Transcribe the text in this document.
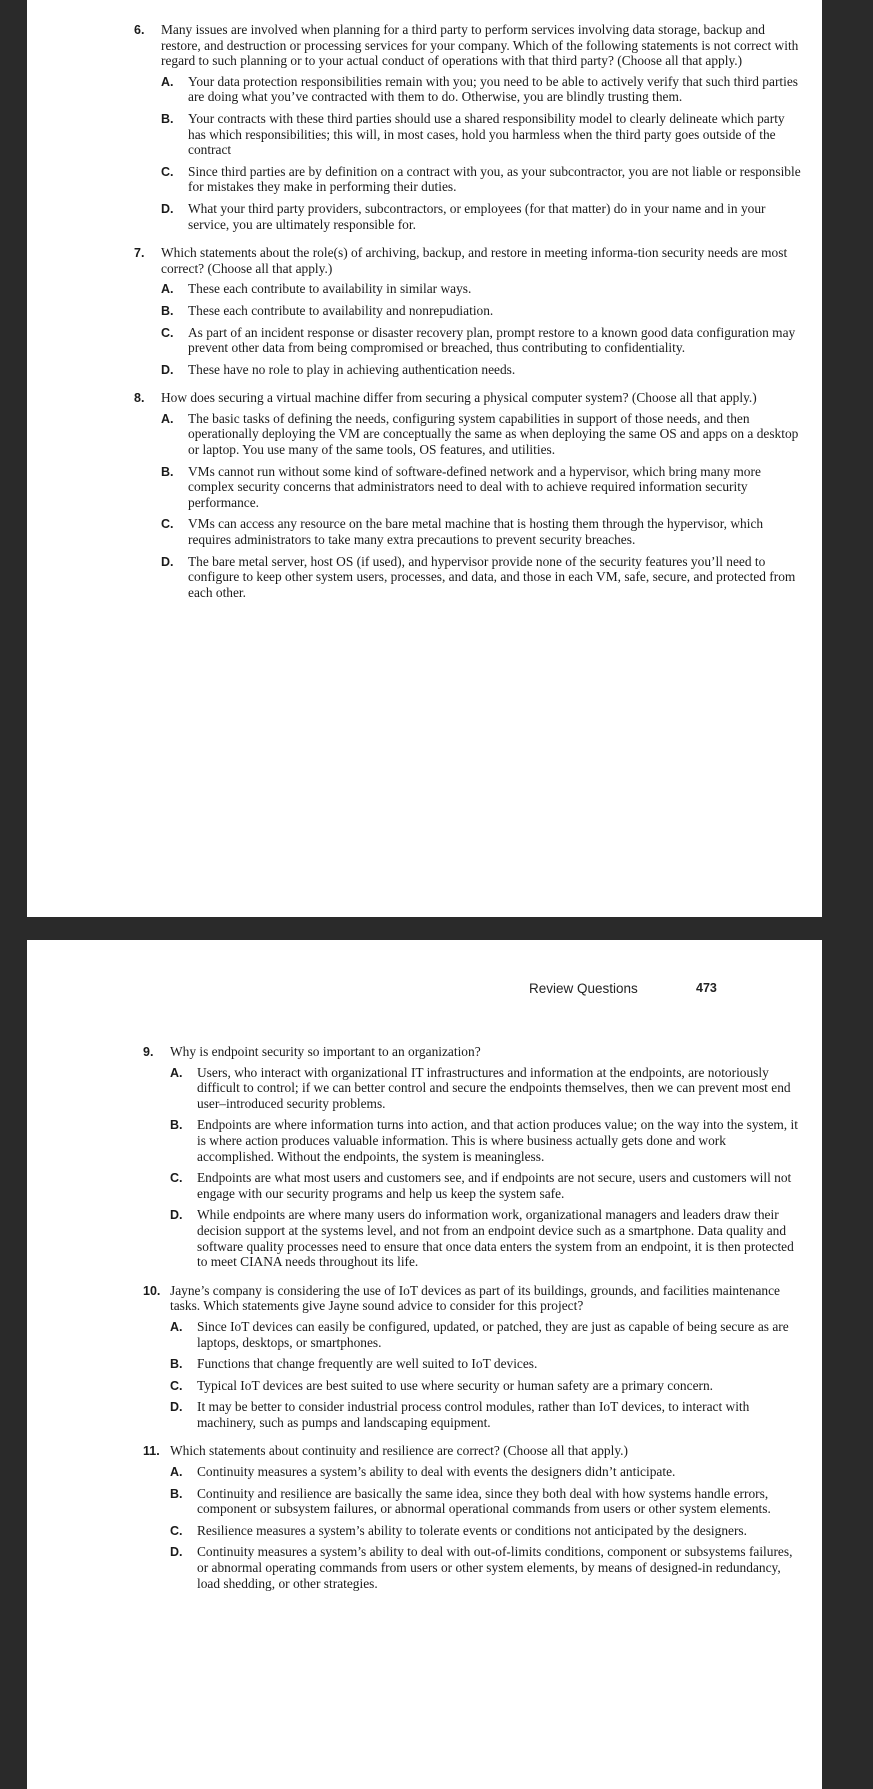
6. Many issues are involved when planning for a third party to perform services involving data storage, backup and restore, and destruction or processing services for your company. Which of the following statements is not correct with regard to such planning or to your actual conduct of operations with that third party? (Choose all that apply.)
A. Your data protection responsibilities remain with you; you need to be able to actively verify that such third parties are doing what you’ve contracted with them to do. Otherwise, you are blindly trusting them.
B. Your contracts with these third parties should use a shared responsibility model to clearly delineate which party has which responsibilities; this will, in most cases, hold you harmless when the third party goes outside of the contract
C. Since third parties are by definition on a contract with you, as your subcontractor, you are not liable or responsible for mistakes they make in performing their duties.
D. What your third party providers, subcontractors, or employees (for that matter) do in your name and in your service, you are ultimately responsible for.
7. Which statements about the role(s) of archiving, backup, and restore in meeting informa-tion security needs are most correct? (Choose all that apply.)
A. These each contribute to availability in similar ways.
B. These each contribute to availability and nonrepudiation.
C. As part of an incident response or disaster recovery plan, prompt restore to a known good data configuration may prevent other data from being compromised or breached, thus contributing to confidentiality.
D. These have no role to play in achieving authentication needs.
8. How does securing a virtual machine differ from securing a physical computer system? (Choose all that apply.)
A. The basic tasks of defining the needs, configuring system capabilities in support of those needs, and then operationally deploying the VM are conceptually the same as when deploying the same OS and apps on a desktop or laptop. You use many of the same tools, OS features, and utilities.
B. VMs cannot run without some kind of software-defined network and a hypervisor, which bring many more complex security concerns that administrators need to deal with to achieve required information security performance.
C. VMs can access any resource on the bare metal machine that is hosting them through the hypervisor, which requires administrators to take many extra precautions to prevent security breaches.
D. The bare metal server, host OS (if used), and hypervisor provide none of the security features you’ll need to configure to keep other system users, processes, and data, and those in each VM, safe, secure, and protected from each other.
9. Why is endpoint security so important to an organization?
A. Users, who interact with organizational IT infrastructures and information at the endpoints, are notoriously difficult to control; if we can better control and secure the endpoints themselves, then we can prevent most end user–introduced security problems.
B. Endpoints are where information turns into action, and that action produces value; on the way into the system, it is where action produces valuable information. This is where business actually gets done and work accomplished. Without the endpoints, the system is meaningless.
C. Endpoints are what most users and customers see, and if endpoints are not secure, users and customers will not engage with our security programs and help us keep the system safe.
D. While endpoints are where many users do information work, organizational managers and leaders draw their decision support at the systems level, and not from an endpoint device such as a smartphone. Data quality and software quality processes need to ensure that once data enters the system from an endpoint, it is then protected to meet CIANA needs throughout its life.
10. Jayne’s company is considering the use of IoT devices as part of its buildings, grounds, and facilities maintenance tasks. Which statements give Jayne sound advice to consider for this project?
A. Since IoT devices can easily be configured, updated, or patched, they are just as capable of being secure as are laptops, desktops, or smartphones.
B. Functions that change frequently are well suited to IoT devices.
C. Typical IoT devices are best suited to use where security or human safety are a primary concern.
D. It may be better to consider industrial process control modules, rather than IoT devices, to interact with machinery, such as pumps and landscaping equipment.
11. Which statements about continuity and resilience are correct? (Choose all that apply.)
A. Continuity measures a system’s ability to deal with events the designers didn’t anticipate.
B. Continuity and resilience are basically the same idea, since they both deal with how systems handle errors, component or subsystem failures, or abnormal operational commands from users or other system elements.
C. Resilience measures a system’s ability to tolerate events or conditions not anticipated by the designers.
D. Continuity measures a system’s ability to deal with out-of-limits conditions, component or subsystems failures, or abnormal operating commands from users or other system elements, by means of designed-in redundancy, load shedding, or other strategies.
Review Questions	473
